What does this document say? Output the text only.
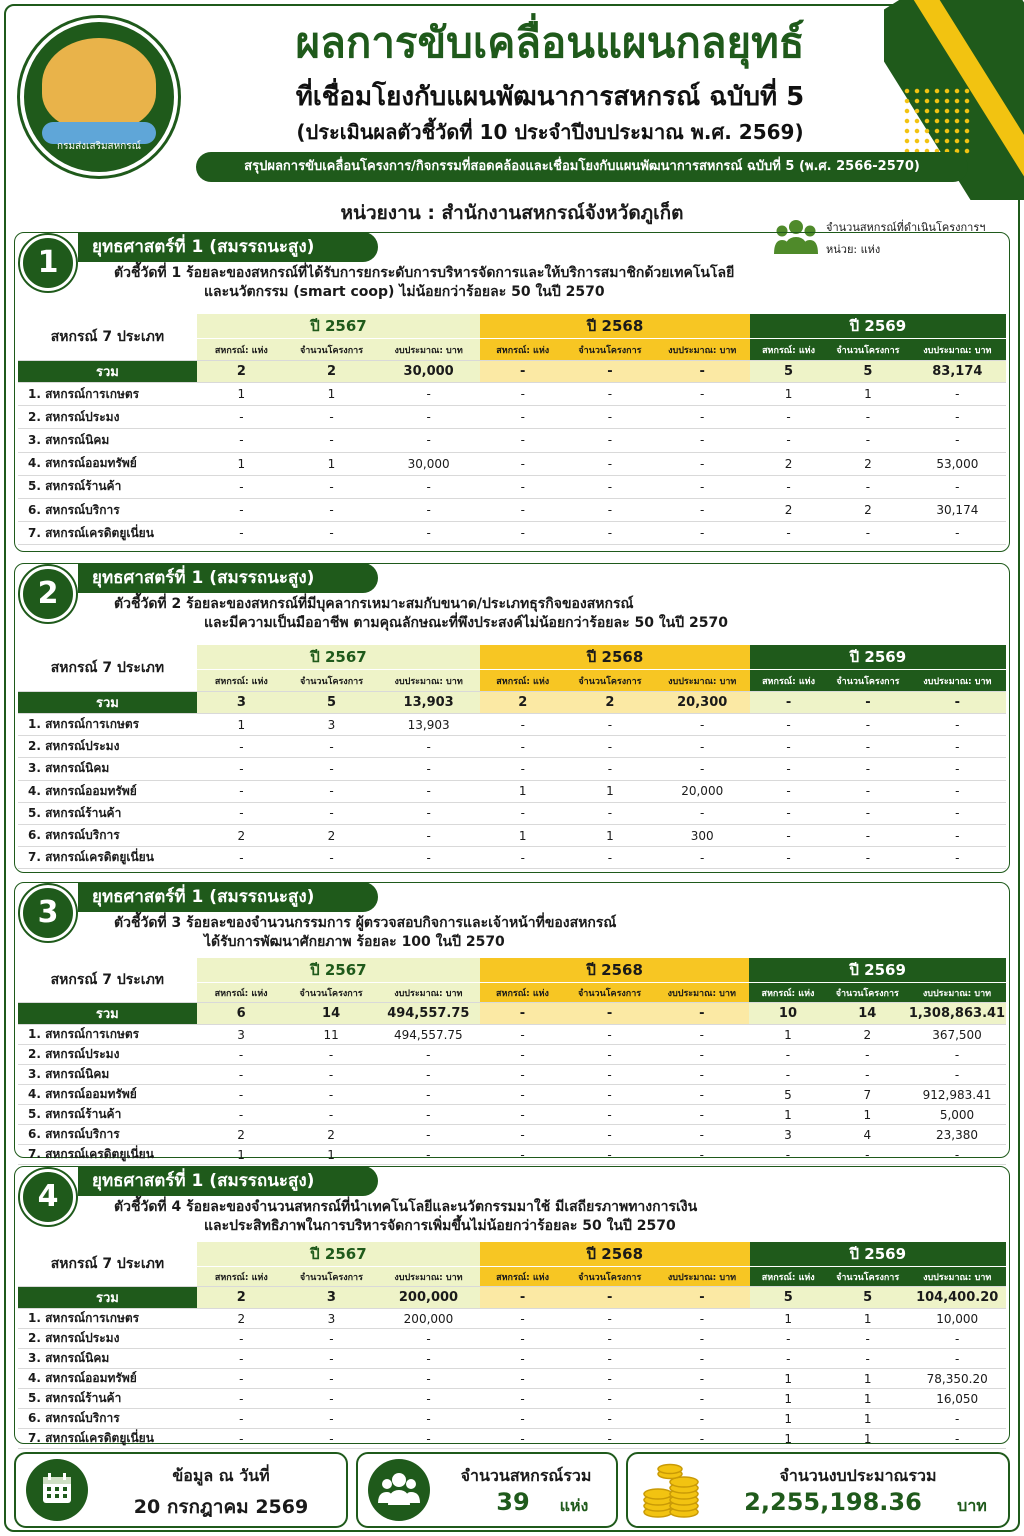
กรมส่งเสริมสหกรณ์
ผลการขับเคลื่อนแผนกลยุทธ์
ที่เชื่อมโยงกับแผนพัฒนาการสหกรณ์ ฉบับที่ 5
(ประเมินผลตัวชี้วัดที่ 10 ประจำปีงบประมาณ พ.ศ. 2569)
สรุปผลการขับเคลื่อนโครงการ/กิจกรรมที่สอดคล้องและเชื่อมโยงกับแผนพัฒนาการสหกรณ์ ฉบับที่ 5 (พ.ศ. 2566-2570)
หน่วยงาน : สำนักงานสหกรณ์จังหวัดภูเก็ต
จำนวนสหกรณ์ที่ดำเนินโครงการฯ
หน่วย: แห่ง
ยุทธศาสตร์ที่ 1 (สมรรถนะสูง)
1	ตัวชี้วัดที่ 1 ร้อยละของสหกรณ์ที่ได้รับการยกระดับการบริหารจัดการและให้บริการสมาชิกด้วยเทคโนโลยี
และนวัตกรรม (smart coop) ไม่น้อยกว่าร้อยละ 50 ในปี 2570
สหกรณ์ 7 ประเภท	ปี 2567			ปี 2568			ปี 2569		
	สหกรณ์: แห่ง	จำนวนโครงการ	งบประมาณ: บาท	สหกรณ์: แห่ง	จำนวนโครงการ	งบประมาณ: บาท	สหกรณ์: แห่ง	จำนวนโครงการ	งบประมาณ: บาท
รวม	2	2	30,000	-	-	-	5	5	83,174
1. สหกรณ์การเกษตร	1	1	-	-	-	-	1	1	-
2. สหกรณ์ประมง	-	-	-	-	-	-	-	-	-
3. สหกรณ์นิคม	-	-	-	-	-	-	-	-	-
4. สหกรณ์ออมทรัพย์	1	1	30,000	-	-	-	2	2	53,000
5. สหกรณ์ร้านค้า	-	-	-	-	-	-	-	-	-
6. สหกรณ์บริการ	-	-	-	-	-	-	2	2	30,174
7. สหกรณ์เครดิตยูเนี่ยน	-	-	-	-	-	-	-	-	-
ยุทธศาสตร์ที่ 1 (สมรรถนะสูง)
2	ตัวชี้วัดที่ 2 ร้อยละของสหกรณ์ที่มีบุคลากรเหมาะสมกับขนาด/ประเภทธุรกิจของสหกรณ์
และมีความเป็นมืออาชีพ ตามคุณลักษณะที่พึงประสงค์ไม่น้อยกว่าร้อยละ 50 ในปี 2570
สหกรณ์ 7 ประเภท	ปี 2567			ปี 2568			ปี 2569		
	สหกรณ์: แห่ง	จำนวนโครงการ	งบประมาณ: บาท	สหกรณ์: แห่ง	จำนวนโครงการ	งบประมาณ: บาท	สหกรณ์: แห่ง	จำนวนโครงการ	งบประมาณ: บาท
รวม	3	5	13,903	2	2	20,300	-	-	-
1. สหกรณ์การเกษตร	1	3	13,903	-	-	-	-	-	-
2. สหกรณ์ประมง	-	-	-	-	-	-	-	-	-
3. สหกรณ์นิคม	-	-	-	-	-	-	-	-	-
4. สหกรณ์ออมทรัพย์	-	-	-	1	1	20,000	-	-	-
5. สหกรณ์ร้านค้า	-	-	-	-	-	-	-	-	-
6. สหกรณ์บริการ	2	2	-	1	1	300	-	-	-
7. สหกรณ์เครดิตยูเนี่ยน	-	-	-	-	-	-	-	-	-
ยุทธศาสตร์ที่ 1 (สมรรถนะสูง)
3	ตัวชี้วัดที่ 3 ร้อยละของจำนวนกรรมการ ผู้ตรวจสอบกิจการและเจ้าหน้าที่ของสหกรณ์
ได้รับการพัฒนาศักยภาพ ร้อยละ 100 ในปี 2570
สหกรณ์ 7 ประเภท	ปี 2567			ปี 2568			ปี 2569		
	สหกรณ์: แห่ง	จำนวนโครงการ	งบประมาณ: บาท	สหกรณ์: แห่ง	จำนวนโครงการ	งบประมาณ: บาท	สหกรณ์: แห่ง	จำนวนโครงการ	งบประมาณ: บาท
รวม	6	14	494,557.75	-	-	-	10	14	1,308,863.41
1. สหกรณ์การเกษตร	3	11	494,557.75	-	-	-	1	2	367,500
2. สหกรณ์ประมง	-	-	-	-	-	-	-	-	-
3. สหกรณ์นิคม	-	-	-	-	-	-	-	-	-
4. สหกรณ์ออมทรัพย์	-	-	-	-	-	-	5	7	912,983.41
5. สหกรณ์ร้านค้า	-	-	-	-	-	-	1	1	5,000
6. สหกรณ์บริการ	2	2	-	-	-	-	3	4	23,380
7. สหกรณ์เครดิตยูเนี่ยน	1	1	-	-	-	-	-	-	-
ยุทธศาสตร์ที่ 1 (สมรรถนะสูง)
4	ตัวชี้วัดที่ 4 ร้อยละของจำนวนสหกรณ์ที่นำเทคโนโลยีและนวัตกรรมมาใช้ มีเสถียรภาพทางการเงิน
และประสิทธิภาพในการบริหารจัดการเพิ่มขึ้นไม่น้อยกว่าร้อยละ 50 ในปี 2570
สหกรณ์ 7 ประเภท	ปี 2567			ปี 2568			ปี 2569		
	สหกรณ์: แห่ง	จำนวนโครงการ	งบประมาณ: บาท	สหกรณ์: แห่ง	จำนวนโครงการ	งบประมาณ: บาท	สหกรณ์: แห่ง	จำนวนโครงการ	งบประมาณ: บาท
รวม	2	3	200,000	-	-	-	5	5	104,400.20
1. สหกรณ์การเกษตร	2	3	200,000	-	-	-	1	1	10,000
2. สหกรณ์ประมง	-	-	-	-	-	-	-	-	-
3. สหกรณ์นิคม	-	-	-	-	-	-	-	-	-
4. สหกรณ์ออมทรัพย์	-	-	-	-	-	-	1	1	78,350.20
5. สหกรณ์ร้านค้า	-	-	-	-	-	-	1	1	16,050
6. สหกรณ์บริการ	-	-	-	-	-	-	1	1	-
7. สหกรณ์เครดิตยูเนี่ยน	-	-	-	-	-	-	1	1	-
ข้อมูล ณ วันที่
20 กรกฎาคม 2569
จำนวนสหกรณ์รวม
39	แห่ง
จำนวนงบประมาณรวม
2,255,198.36	บาท
